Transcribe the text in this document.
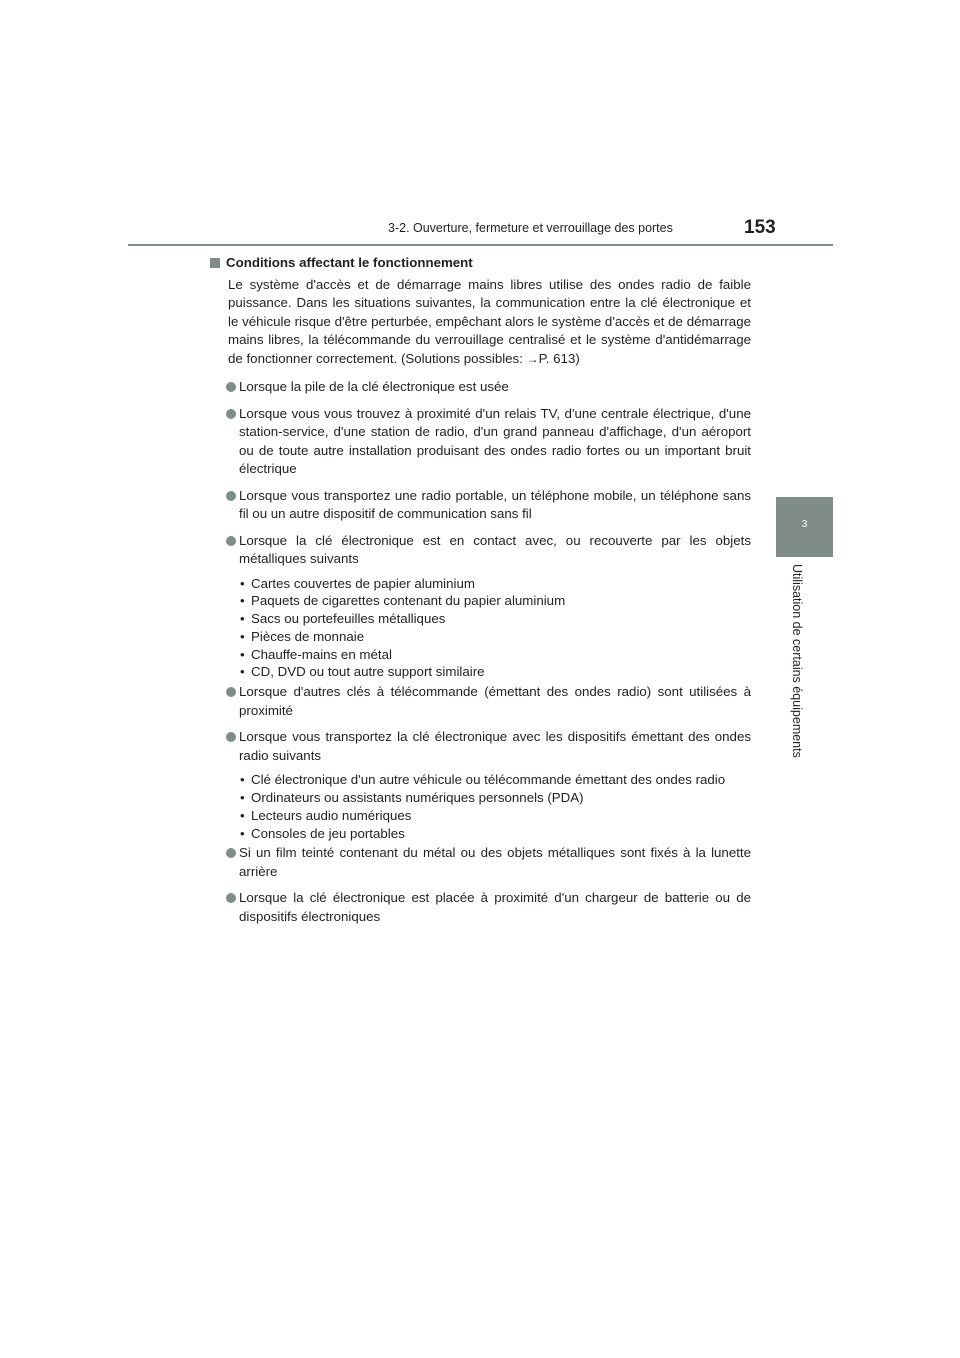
3-2. Ouverture, fermeture et verrouillage des portes	153
3
Utilisation de certains équipements
Conditions affectant le fonctionnement

Le système d'accès et de démarrage mains libres utilise des ondes radio de faible puissance. Dans les situations suivantes, la communication entre la clé électronique et le véhicule risque d'être perturbée, empêchant alors le système d'accès et de démarrage mains libres, la télécommande du verrouillage centralisé et le système d'antidémarrage de fonctionner correctement. (Solutions possibles: →P. 613)

Lorsque la pile de la clé électronique est usée
Lorsque vous vous trouvez à proximité d'un relais TV, d'une centrale électrique, d'une station-service, d'une station de radio, d'un grand panneau d'affichage, d'un aéroport ou de toute autre installation produisant des ondes radio fortes ou un important bruit électrique
Lorsque vous transportez une radio portable, un téléphone mobile, un téléphone sans fil ou un autre dispositif de communication sans fil
Lorsque la clé électronique est en contact avec, ou recouverte par les objets métalliques suivants
• Cartes couvertes de papier aluminium
• Paquets de cigarettes contenant du papier aluminium
• Sacs ou portefeuilles métalliques
• Pièces de monnaie
• Chauffe-mains en métal
• CD, DVD ou tout autre support similaire
Lorsque d'autres clés à télécommande (émettant des ondes radio) sont utilisées à proximité
Lorsque vous transportez la clé électronique avec les dispositifs émettant des ondes radio suivants
• Clé électronique d'un autre véhicule ou télécommande émettant des ondes radio
• Ordinateurs ou assistants numériques personnels (PDA)
• Lecteurs audio numériques
• Consoles de jeu portables
Si un film teinté contenant du métal ou des objets métalliques sont fixés à la lunette arrière
Lorsque la clé électronique est placée à proximité d'un chargeur de batterie ou de dispositifs électroniques
